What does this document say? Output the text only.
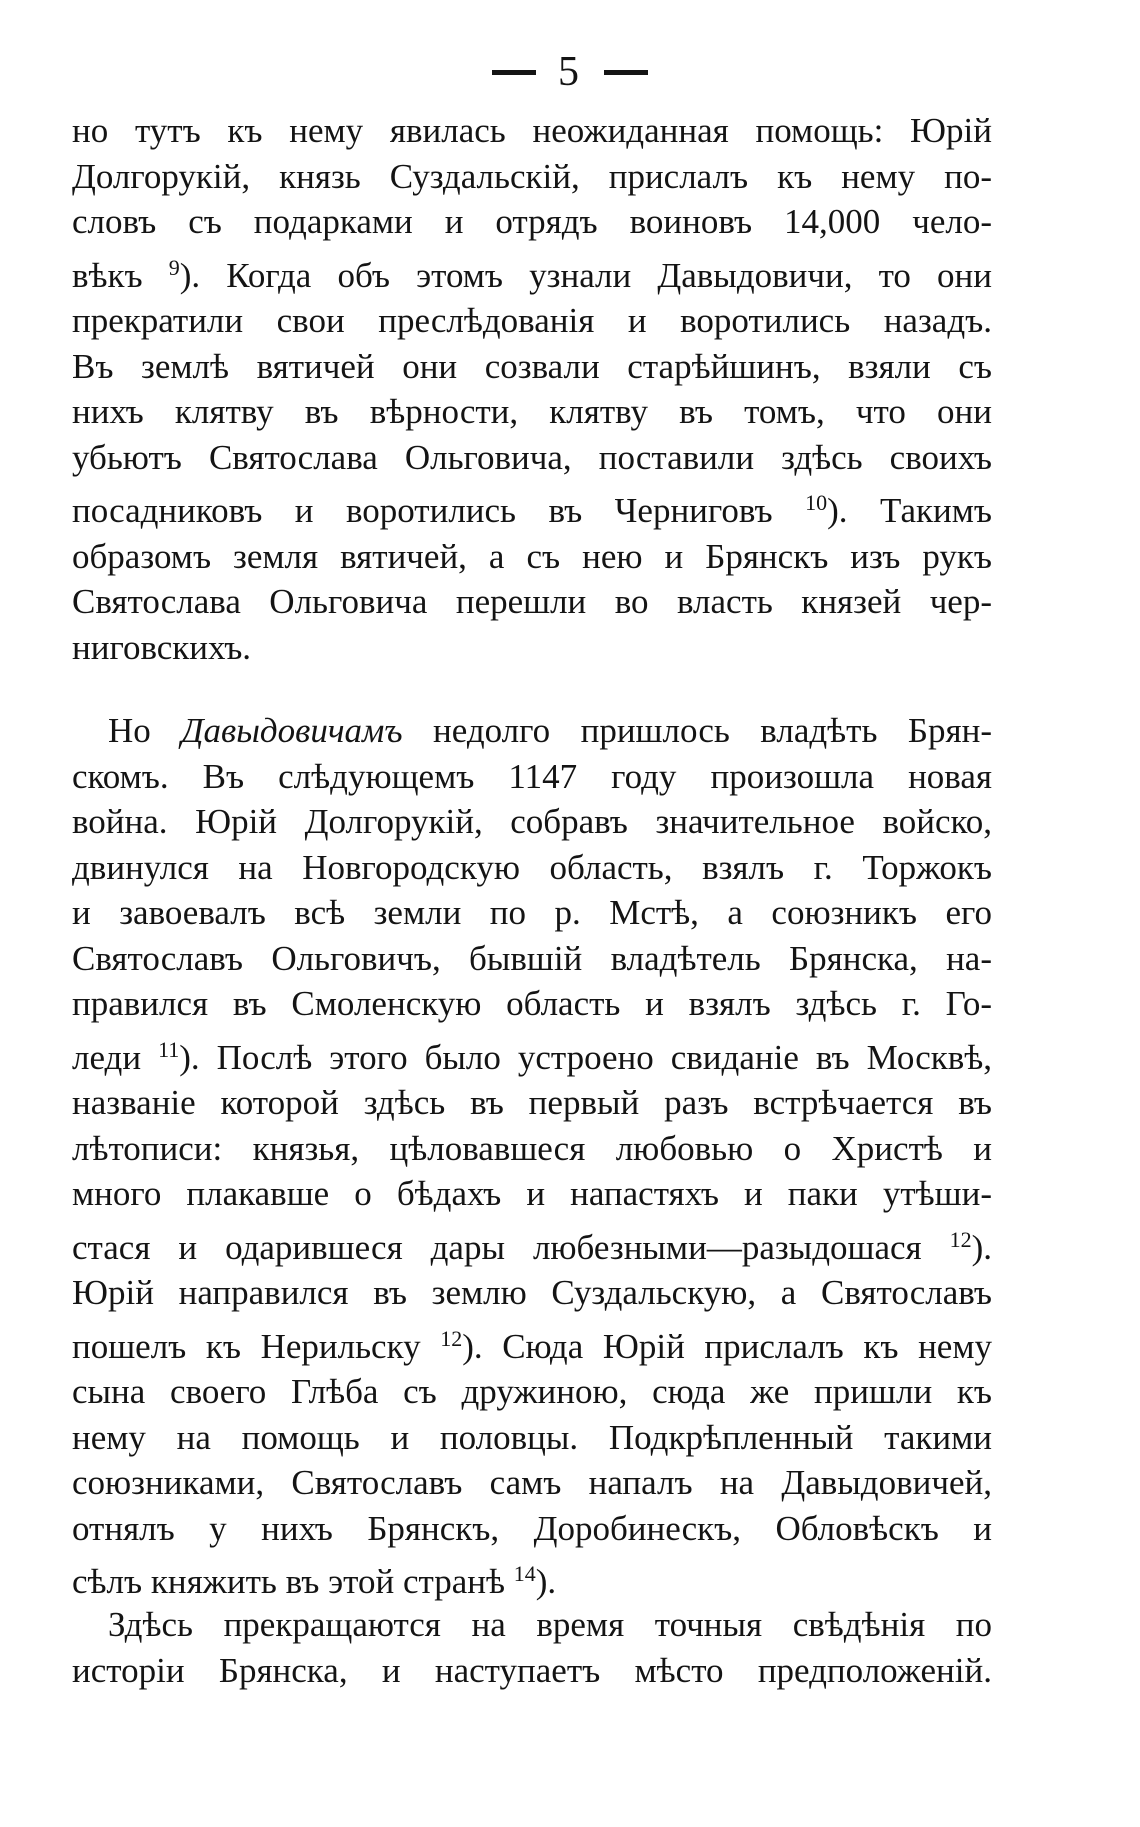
5
но тутъ къ нему явилась неожиданная помощь: Юрій
Долгорукій, князь Суздальскій, прислалъ къ нему по-
словъ съ подарками и отрядъ воиновъ 14,000 чело-
вѣкъ $^9$). Когда объ этомъ узнали Давыдовичи, то они
прекратили свои преслѣдованія и воротились назадъ.
Въ землѣ вятичей они созвали старѣйшинъ, взяли съ
нихъ клятву въ вѣрности, клятву въ томъ, что они
убьютъ Святослава Ольговича, поставили здѣсь своихъ
посадниковъ и воротились въ Черниговъ $^{10}$). Такимъ
образомъ земля вятичей, а съ нею и Брянскъ изъ рукъ
Святослава Ольговича перешли во власть князей чер-
ниговскихъ.
Но Давыдовичамъ недолго пришлось владѣть Брян-
скомъ. Въ слѣдующемъ 1147 году произошла новая
война. Юрій Долгорукій, собравъ значительное войско,
двинулся на Новгородскую область, взялъ г. Торжокъ
и завоевалъ всѣ земли по р. Мстѣ, а союзникъ его
Святославъ Ольговичъ, бывшій владѣтель Брянска, на-
правился въ Смоленскую область и взялъ здѣсь г. Го-
леди $^{11}$). Послѣ этого было устроено свиданіе въ Москвѣ,
названіе которой здѣсь въ первый разъ встрѣчается въ
лѣтописи: князья, цѣловавшеся любовью о Христѣ и
много плакавше о бѣдахъ и напастяхъ и паки утѣши-
стася и одарившеся дары любезными—разыдошася $^{12}$).
Юрій направился въ землю Суздальскую, а Святославъ
пошелъ къ Нерильску $^{12}$). Сюда Юрій прислалъ къ нему
сына своего Глѣба съ дружиною, сюда же пришли къ
нему на помощь и половцы. Подкрѣпленный такими
союзниками, Святославъ самъ напалъ на Давыдовичей,
отнялъ у нихъ Брянскъ, Доробинескъ, Обловѣскъ и
сѣлъ княжить въ этой странѣ $^{14}$).
Здѣсь прекращаются на время точныя свѣдѣнія по
исторіи Брянска, и наступаетъ мѣсто предположеній.
